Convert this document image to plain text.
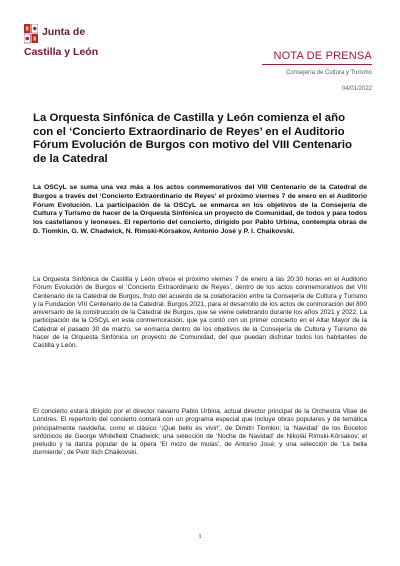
Junta de
Castilla y León	NOTA DE PRENSA
Consejería de Cultura y Turismo
04/01/2022
La Orquesta Sinfónica de Castilla y León comienza el año con el ‘Concierto Extraordinario de Reyes’ en el Auditorio Fórum Evolución de Burgos con motivo del VIII Centenario de la Catedral
La OSCyL se suma una vez más a los actos conmemorativos del VIII Centenario de la Catedral de Burgos a través del ‘Concierto Extraordinario de Reyes’ el próximo viernes 7 de enero en el Auditorio Fórum Evolución. La participación de la OSCyL se enmarca en los objetivos de la Consejería de Cultura y Turismo de hacer de la Orquesta Sinfónica un proyecto de Comunidad, de todos y para todos los castellanos y leoneses. El repertorio del concierto, dirigido por Pablo Urbina, contempla obras de D. Tiomkin, G. W. Chadwick, N. Rimski-Kórsakov, Antonio José y P. I. Chaikovski.
La Orquesta Sinfónica de Castilla y León ofrece el próximo viernes 7 de enero a las 20:30 horas en el Auditorio Fórum Evolución de Burgos el ‘Concierto Extraordinario de Reyes’, dentro de los actos conmemorativos del VIII Centenario de la Catedral de Burgos, fruto del acuerdo de la colaboración entre la Consejería de Cultura y Turismo y la Fundación VIII Centenario de la Catedral. Burgos 2021, para el desarrollo de los actos de conmoración del 800 aniversario de la construcción de la Catedral de Burgos, que se viene celebrando durante los años 2021 y 2022. La participación de la OSCyL en esta conmemoración, que ya contó con un primer concierto en el Altar Mayor de la Catedral el pasado 30 de marzo, se enmarca dentro de los objetivos de la Consejería de Cultura y Turismo de hacer de la Orquesta Sinfónica un proyecto de Comunidad, del que puedan disfrutar todos los habitantes de Castilla y León.
El concierto estará dirigido por el director navarro Pablo Urbina, actual director principal de la Orchestra Vitae de Londres. El repertorio del concierto contará con un programa especial que incluye obras populares y de temática principalmente navideña, como el clásico ‘¡Qué bello es vivir!’, de Dimitri Tiomkin; la ‘Navidad’ de los Bocetos sinfónicos de George Whitefield Chadwick; una selección de ‘Noche de Navidad’ de Nikolái Rimski-Kórsakov; el preludio y la danza popular de la ópera ‘El mozo de mulas’, de Antonio José; y una selección de ‘La bella durmiente’, de Piotr Ilich Chaikovski.
1
